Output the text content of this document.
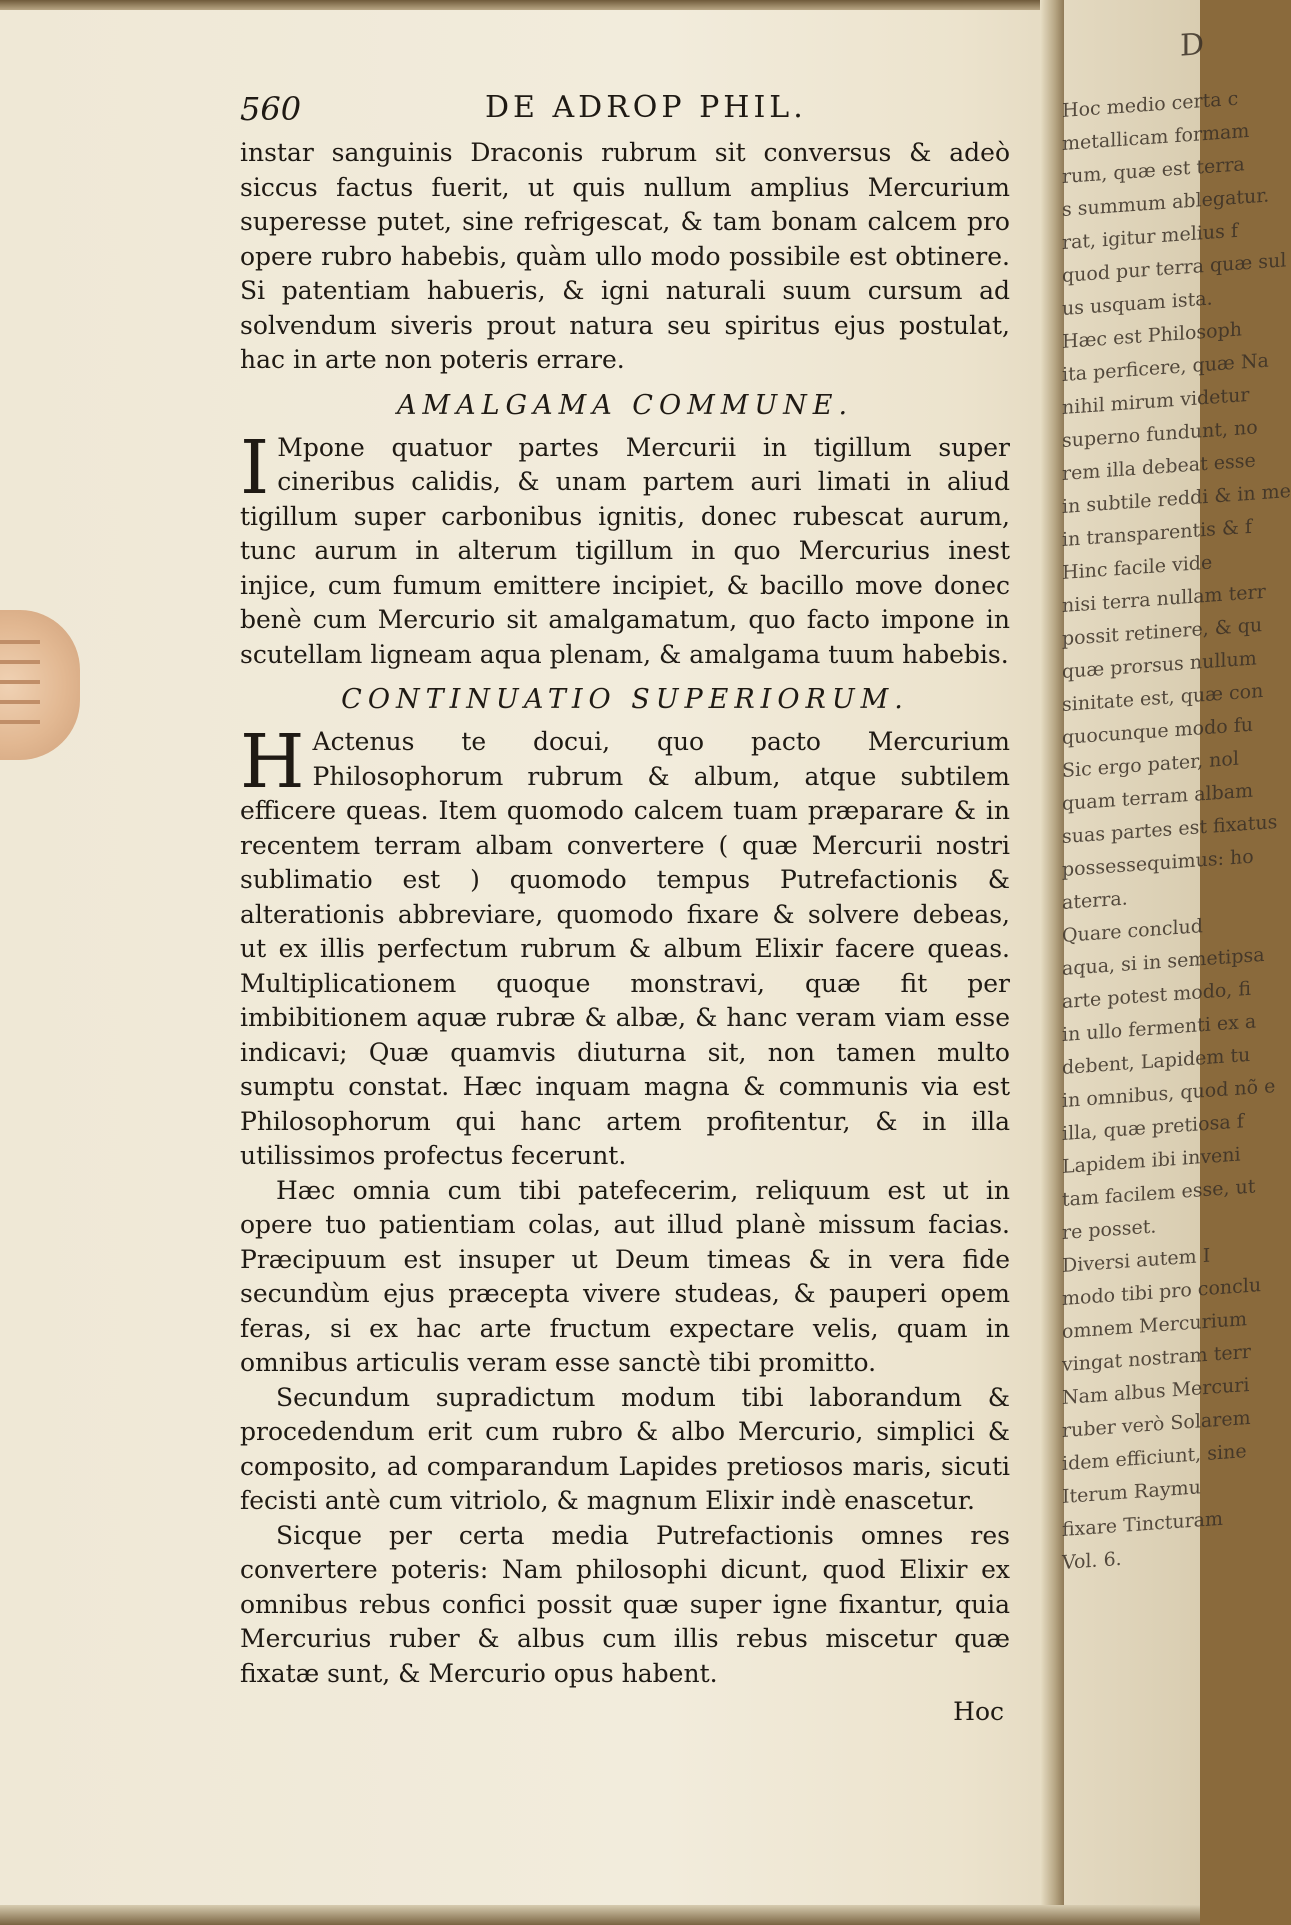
560	DE ADROP PHIL.

instar sanguinis Draconis rubrum sit conversus & adeò siccus factus fuerit, ut quis nullum amplius Mercurium superesse putet, sine refrigescat, & tam bonam calcem pro opere rubro habebis, quàm ullo modo possibile est obtinere. Si patentiam habueris, & igni naturali suum cursum ad solvendum siveris prout natura seu spiritus ejus postulat, hac in arte non poteris errare.

AMALGAMA COMMUNE.

I Mpone quatuor partes Mercurii in tigillum super cineribus calidis, & unam partem auri limati in aliud tigillum super carbonibus ignitis, donec rubescat aurum, tunc aurum in alterum tigillum in quo Mercurius inest injice, cum fumum emittere incipiet, & bacillo move donec benè cum Mercurio sit amalgamatum, quo facto impone in scutellam ligneam aqua plenam, & amalgama tuum habebis.

CONTINUATIO SUPERIORUM.

H Actenus te docui, quo pacto Mercurium Philosophorum rubrum & album, atque subtilem efficere queas. Item quomodo calcem tuam præparare & in recentem terram albam convertere ( quæ Mercurii nostri sublimatio est ) quomodo tempus Putrefactionis & alterationis abbreviare, quomodo fixare & solvere debeas, ut ex illis perfectum rubrum & album Elixir facere queas. Multiplicationem quoque monstravi, quæ fit per imbibitionem aquæ rubræ & albæ, & hanc veram viam esse indicavi; Quæ quamvis diuturna sit, non tamen multo sumptu constat. Hæc inquam magna & communis via est Philosophorum qui hanc artem profitentur, & in illa utilissimos profectus fecerunt.

Hæc omnia cum tibi patefecerim, reliquum est ut in opere tuo patientiam colas, aut illud planè missum facias. Præcipuum est insuper ut Deum timeas & in vera fide secundùm ejus præcepta vivere studeas, & pauperi opem feras, si ex hac arte fructum expectare velis, quam in omnibus articulis veram esse sanctè tibi promitto.

Secundum supradictum modum tibi laborandum & procedendum erit cum rubro & albo Mercurio, simplici & composito, ad comparandum Lapides pretiosos maris, sicuti fecisti antè cum vitriolo, & magnum Elixir indè enascetur.

Sicque per certa media Putrefactionis omnes res convertere poteris: Nam philosophi dicunt, quod Elixir ex omnibus rebus confici possit quæ super igne fixantur, quia Mercurius ruber & albus cum illis rebus miscetur quæ fixatæ sunt, & Mercurio opus habent.

Hoc
D
Hoc medio certa c
metallicam formam
rum, quæ est terra
s summum ablegatur.
rat, igitur melius f
quod pur terra quæ sul
us usquam ista.
Hæc est Philosoph
ita perficere, quæ Na
nihil mirum videtur
superno fundunt, no
rem illa debeat esse
in subtile reddi & in me
in transparentis & f
Hinc facile vide
nisi terra nullam terr
possit retinere, & qu
quæ prorsus nullum
sinitate est, quæ con
quocunque modo fu
Sic ergo pater, nol
quam terram albam
suas partes est fixatus
possessequimus: ho
aterra.
Quare conclud
aqua, si in semetipsa
arte potest modo, fi
in ullo fermenti ex a
debent, Lapidem tu
in omnibus, quod nõ e
illa, quæ pretiosa f
Lapidem ibi inveni
tam facilem esse, ut
re posset.
Diversi autem I
modo tibi pro conclu
omnem Mercurium
vingat nostram terr
Nam albus Mercuri
ruber verò Solarem
idem efficiunt, sine
Iterum Raymu
fixare Tincturam
Vol. 6.
